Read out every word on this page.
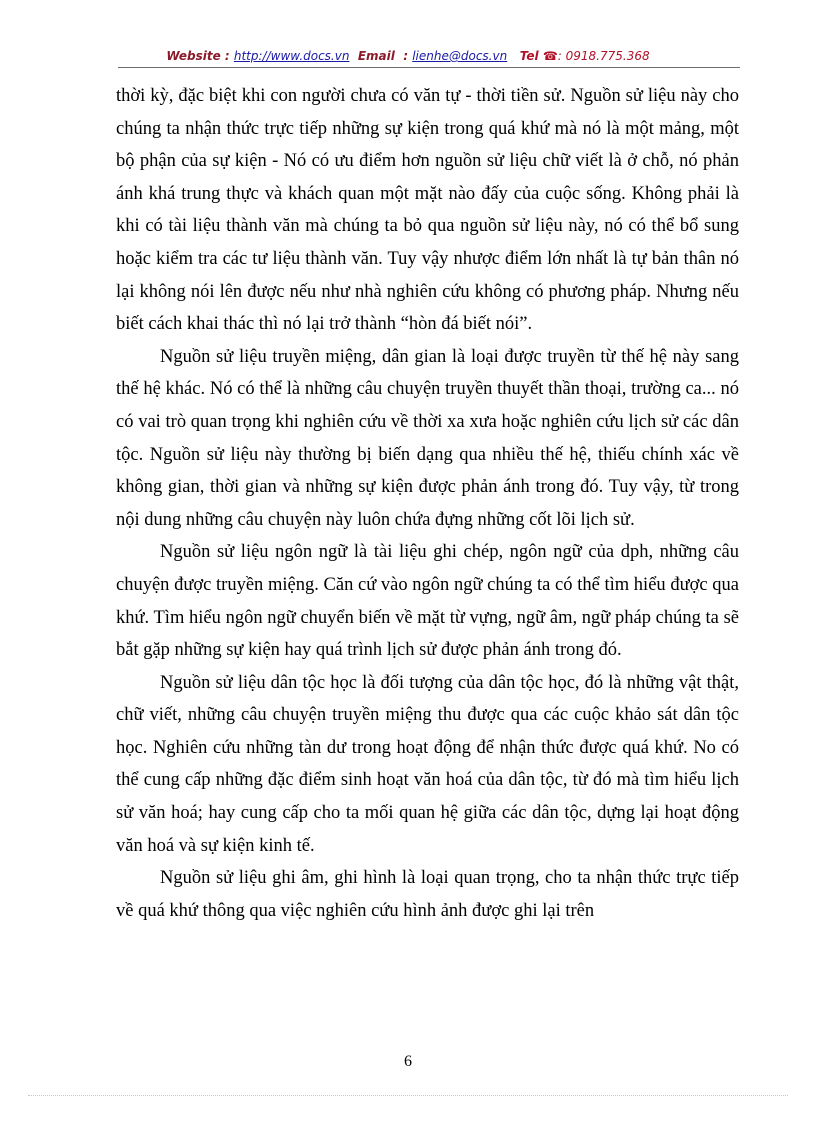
Website : http://www.docs.vn Email : lienhe@docs.vn Tel ☎: 0918.775.368

thời kỳ, đặc biệt khi con người chưa có văn tự - thời tiền sử. Nguồn sử liệu này cho chúng ta nhận thức trực tiếp những sự kiện trong quá khứ mà nó là một mảng, một bộ phận của sự kiện - Nó có ưu điểm hơn nguồn sử liệu chữ viết là ở chỗ, nó phản ánh khá trung thực và khách quan một mặt nào đấy của cuộc sống. Không phải là khi có tài liệu thành văn mà chúng ta bỏ qua nguồn sử liệu này, nó có thể bổ sung hoặc kiểm tra các tư liệu thành văn. Tuy vậy nhược điểm lớn nhất là tự bản thân nó lại không nói lên được nếu như nhà nghiên cứu không có phương pháp. Nhưng nếu biết cách khai thác thì nó lại trở thành “hòn đá biết nói”.

Nguồn sử liệu truyền miệng, dân gian là loại được truyền từ thế hệ này sang thế hệ khác. Nó có thể là những câu chuyện truyền thuyết thần thoại, trường ca... nó có vai trò quan trọng khi nghiên cứu về thời xa xưa hoặc nghiên cứu lịch sử các dân tộc. Nguồn sử liệu này thường bị biến dạng qua nhiều thế hệ, thiếu chính xác về không gian, thời gian và những sự kiện được phản ánh trong đó. Tuy vậy, từ trong nội dung những câu chuyện này luôn chứa đựng những cốt lõi lịch sử.

Nguồn sử liệu ngôn ngữ là tài liệu ghi chép, ngôn ngữ của dph, những câu chuyện được truyền miệng. Căn cứ vào ngôn ngữ chúng ta có thể tìm hiểu được qua khứ. Tìm hiểu ngôn ngữ chuyển biến về mặt từ vựng, ngữ âm, ngữ pháp chúng ta sẽ bắt gặp những sự kiện hay quá trình lịch sử được phản ánh trong đó.

Nguồn sử liệu dân tộc học là đối tượng của dân tộc học, đó là những vật thật, chữ viết, những câu chuyện truyền miệng thu được qua các cuộc khảo sát dân tộc học. Nghiên cứu những tàn dư trong hoạt động để nhận thức được quá khứ. No có thể cung cấp những đặc điểm sinh hoạt văn hoá của dân tộc, từ đó mà tìm hiểu lịch sử văn hoá; hay cung cấp cho ta mối quan hệ giữa các dân tộc, dựng lại hoạt động văn hoá và sự kiện kinh tế.

Nguồn sử liệu ghi âm, ghi hình là loại quan trọng, cho ta nhận thức trực tiếp về quá khứ thông qua việc nghiên cứu hình ảnh được ghi lại trên

6
